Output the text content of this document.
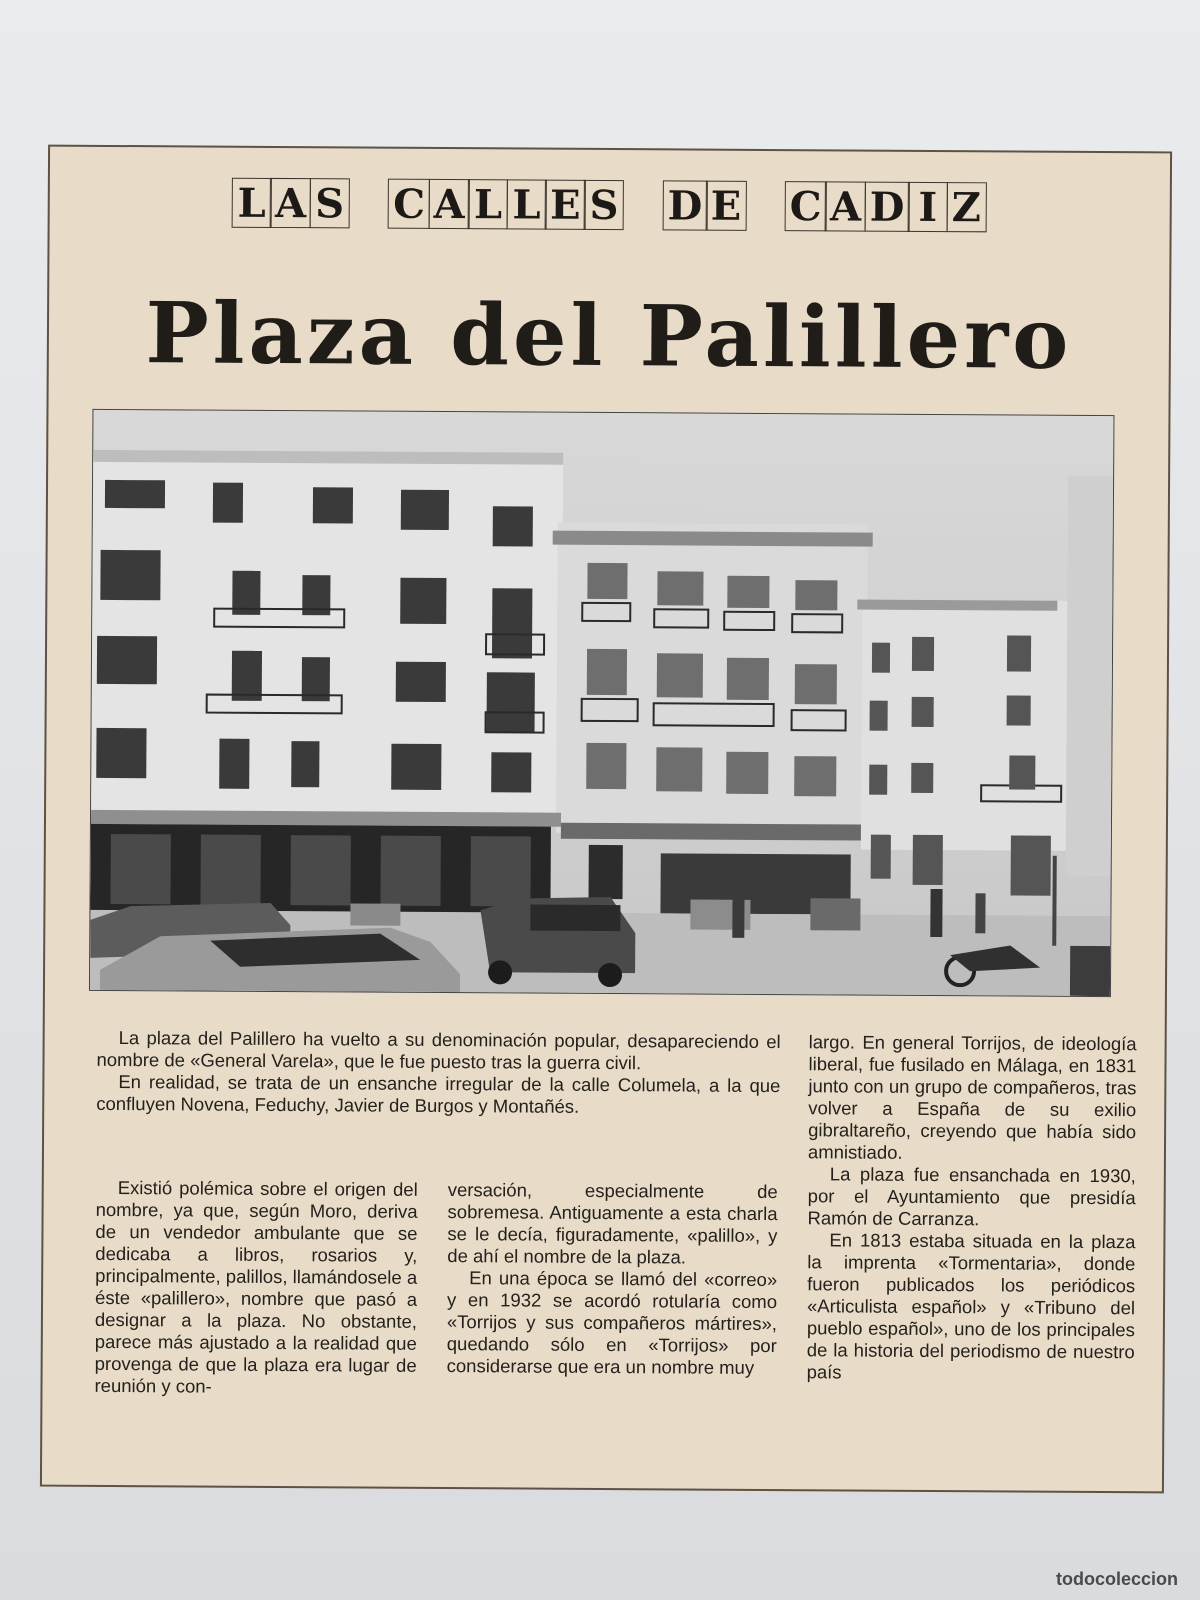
L A S C A L L E S D E C A D I Z
Plaza del Palillero

La plaza del Palillero ha vuelto a su denominación popular, desapareciendo el nombre de «General Varela», que le fue puesto tras la guerra civil.

En realidad, se trata de un ensanche irregular de la calle Columela, a la que confluyen Novena, Feduchy, Javier de Burgos y Montañés.

Existió polémica sobre el origen del nombre, ya que, según Moro, deriva de un vendedor ambulante que se dedicaba a libros, rosarios y, principalmente, palillos, llamándosele a éste «palillero», nombre que pasó a designar a la plaza. No obstante, parece más ajustado a la realidad que provenga de que la plaza era lugar de reunión y con-

versación, especialmente de sobremesa. Antiguamente a esta charla se le decía, figuradamente, «palillo», y de ahí el nombre de la plaza.

En una época se llamó del «correo» y en 1932 se acordó rotularía como «Torrijos y sus compañeros mártires», quedando sólo en «Torrijos» por considerarse que era un nombre muy

largo. En general Torrijos, de ideología liberal, fue fusilado en Málaga, en 1831 junto con un grupo de compañeros, tras volver a España de su exilio gibraltareño, creyendo que había sido amnistiado.

La plaza fue ensanchada en 1930, por el Ayuntamiento que presidía Ramón de Carranza.

En 1813 estaba situada en la plaza la imprenta «Tormentaria», donde fueron publicados los periódicos «Articulista español» y «Tribuno del pueblo español», uno de los principales de la historia del periodismo de nuestro país

todocoleccion
